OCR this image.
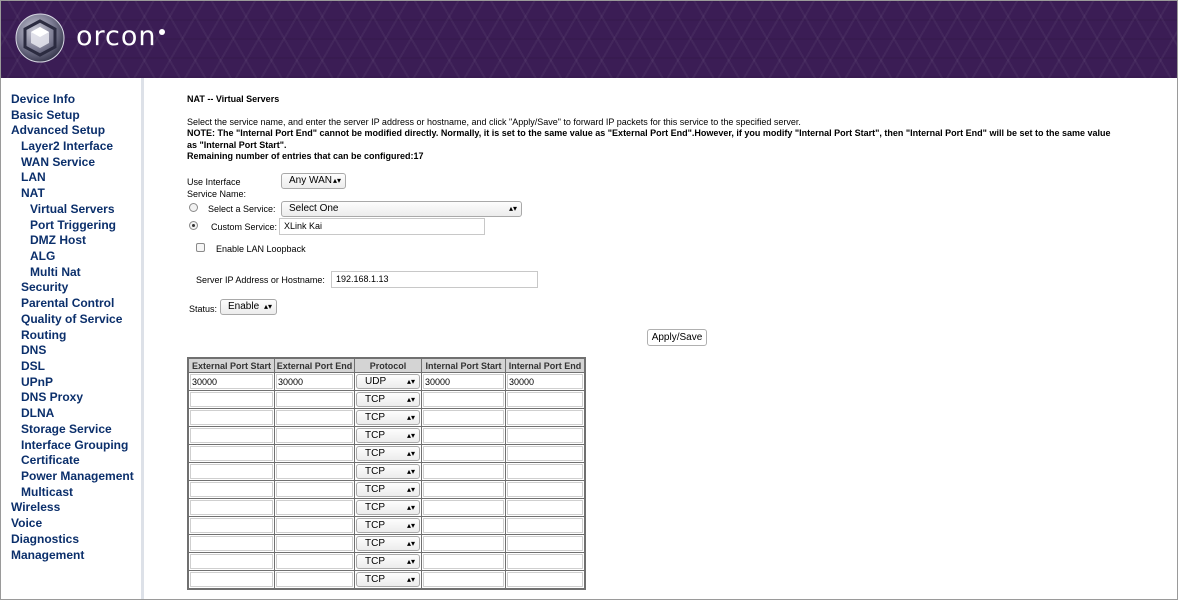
orcon
Device Info
Basic Setup
Advanced Setup
Layer2 Interface
WAN Service
LAN
NAT
Virtual Servers
Port Triggering
DMZ Host
ALG
Multi Nat
Security
Parental Control
Quality of Service
Routing
DNS
DSL
UPnP
DNS Proxy
DLNA
Storage Service
Interface Grouping
Certificate
Power Management
Multicast
Wireless
Voice
Diagnostics
Management
NAT -- Virtual Servers
Select the service name, and enter the server IP address or hostname, and click "Apply/Save" to forward IP packets for this service to the specified server.
NOTE: The "Internal Port End" cannot be modified directly. Normally, it is set to the same value as "External Port End".However, if you modify "Internal Port Start", then "Internal Port End" will be set to the same value
as "Internal Port Start".
Remaining number of entries that can be configured:17
Use Interface	Any WAN ▴▾
Service Name:
Select a Service:	Select One	▴▾
Custom Service: XLink Kai
Enable LAN Loopback
Server IP Address or Hostname:	192.168.1.13
Status:	Enable ▴▾
Apply/Save
External Port Start	External Port End	Protocol	Internal Port Start	Internal Port End

30000	30000	UDP ▴▾	30000	30000

		TCP ▴▾		

		TCP ▴▾		

		TCP ▴▾		

		TCP ▴▾		

		TCP ▴▾		

		TCP ▴▾		

		TCP ▴▾		

		TCP ▴▾		

		TCP ▴▾		

		TCP ▴▾		

		TCP ▴▾		
